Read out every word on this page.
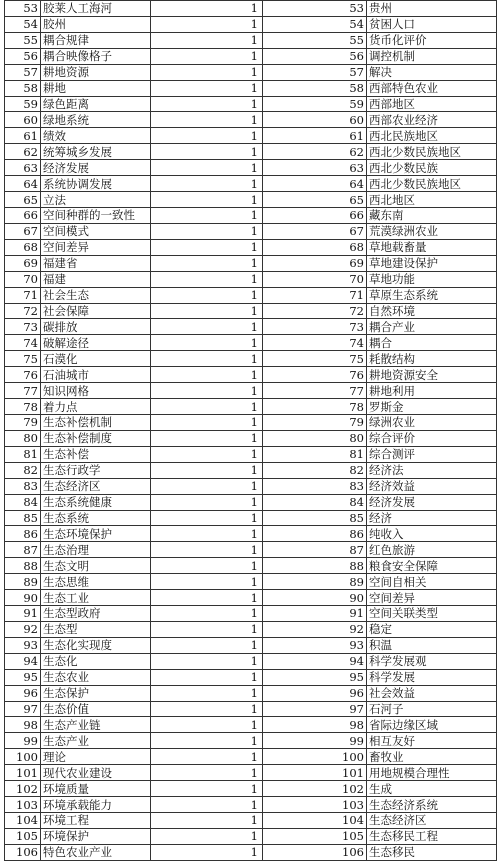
53	胶莱人工海河	1	53	贵州
54	胶州	1	54	贫困人口
55	耦合规律	1	55	货币化评价
56	耦合映像格子	1	56	调控机制
57	耕地资源	1	57	解决
58	耕地	1	58	西部特色农业
59	绿色距离	1	59	西部地区
60	绿地系统	1	60	西部农业经济
61	绩效	1	61	西北民族地区
62	统筹城乡发展	1	62	西北少数民族地区
63	经济发展	1	63	西北少数民族
64	系统协调发展	1	64	西北少数民族地区
65	立法	1	65	西北地区
66	空间种群的一致性	1	66	藏东南
67	空间模式	1	67	荒漠绿洲农业
68	空间差异	1	68	草地载畜量
69	福建省	1	69	草地建设保护
70	福建	1	70	草地功能
71	社会生态	1	71	草原生态系统
72	社会保障	1	72	自然环境
73	碳排放	1	73	耦合产业
74	破解途径	1	74	耦合
75	石漠化	1	75	耗散结构
76	石油城市	1	76	耕地资源安全
77	知识网格	1	77	耕地利用
78	着力点	1	78	罗斯金
79	生态补偿机制	1	79	绿洲农业
80	生态补偿制度	1	80	综合评价
81	生态补偿	1	81	综合测评
82	生态行政学	1	82	经济法
83	生态经济区	1	83	经济效益
84	生态系统健康	1	84	经济发展
85	生态系统	1	85	经济
86	生态环境保护	1	86	纯收入
87	生态治理	1	87	红色旅游
88	生态文明	1	88	粮食安全保障
89	生态思维	1	89	空间自相关
90	生态工业	1	90	空间差异
91	生态型政府	1	91	空间关联类型
92	生态型	1	92	稳定
93	生态化实现度	1	93	积温
94	生态化	1	94	科学发展观
95	生态农业	1	95	科学发展
96	生态保护	1	96	社会效益
97	生态价值	1	97	石河子
98	生态产业链	1	98	省际边缘区域
99	生态产业	1	99	相互友好
100	理论	1	100	畜牧业
101	现代农业建设	1	101	用地规模合理性
102	环境质量	1	102	生成
103	环境承载能力	1	103	生态经济系统
104	环境工程	1	104	生态经济区
105	环境保护	1	105	生态移民工程
106	特色农业产业	1	106	生态移民
